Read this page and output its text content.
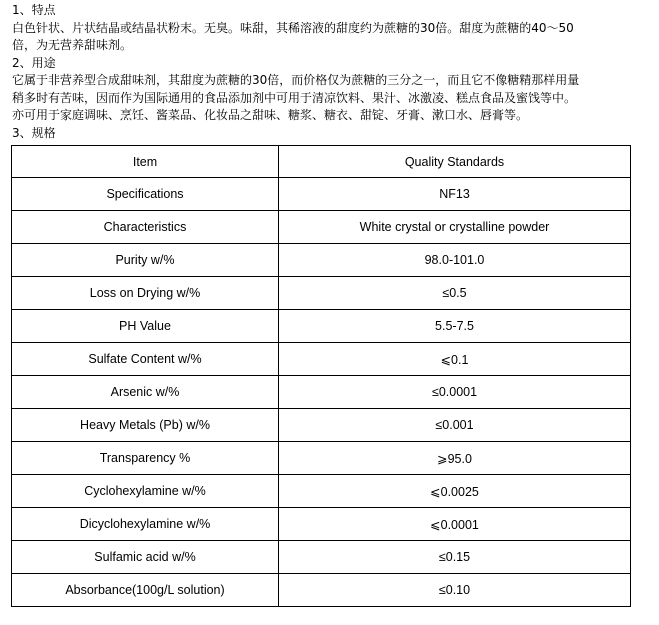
1、特点

白色针状、片状结晶或结晶状粉末。无臭。味甜，其稀溶液的甜度约为蔗糖的30倍。甜度为蔗糖的40～50

倍，为无营养甜味剂。

2、用途

它属于非营养型合成甜味剂，其甜度为蔗糖的30倍，而价格仅为蔗糖的三分之一，而且它不像糖精那样用量

稍多时有苦味，因而作为国际通用的食品添加剂中可用于清凉饮料、果汁、冰激凌、糕点食品及蜜饯等中。

亦可用于家庭调味、烹饪、酱菜品、化妆品之甜味、糖浆、糖衣、甜锭、牙膏、漱口水、唇膏等。

3、规格

Item	Quality Standards
Specifications	NF13
Characteristics	White crystal or crystalline powder
Purity w/%	98.0-101.0
Loss on Drying w/%	≤0.5
PH Value	5.5-7.5
Sulfate Content w/%	⩽0.1
Arsenic w/%	≤0.0001
Heavy Metals (Pb) w/%	≤0.001
Transparency %	⩾95.0
Cyclohexylamine w/%	⩽0.0025
Dicyclohexylamine w/%	⩽0.0001
Sulfamic acid w/%	≤0.15
Absorbance(100g/L solution)	≤0.10
